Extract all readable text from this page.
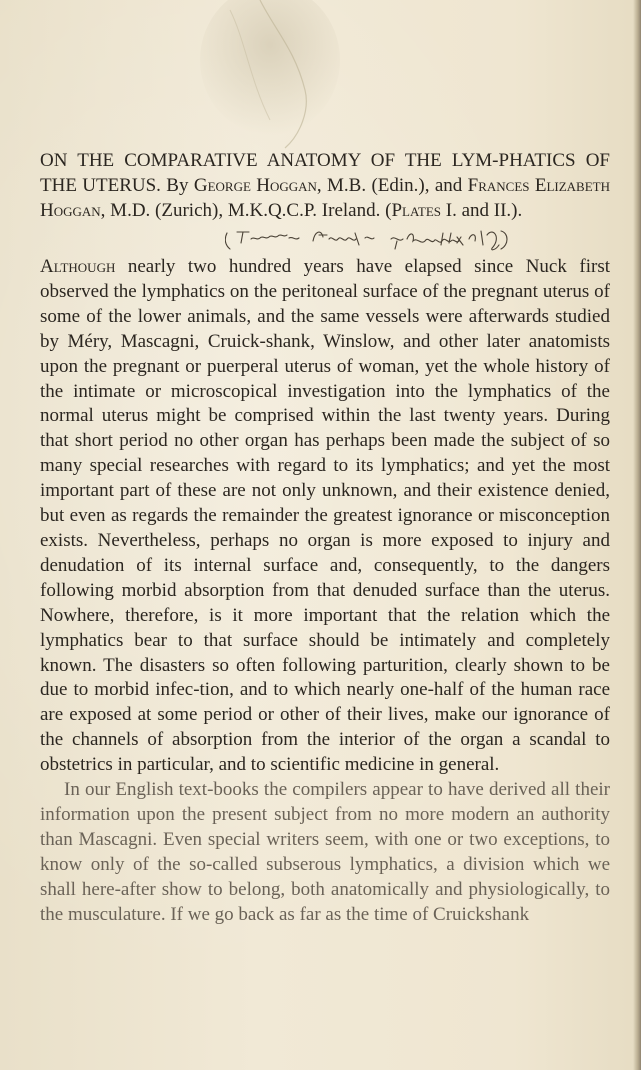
ON THE COMPARATIVE ANATOMY OF THE LYM-PHATICS OF THE UTERUS. By George Hoggan, M.B. (Edin.), and Frances Elizabeth Hoggan, M.D. (Zurich), M.K.Q.C.P. Ireland. (Plates I. and II.).

Although nearly two hundred years have elapsed since Nuck first observed the lymphatics on the peritoneal surface of the pregnant uterus of some of the lower animals, and the same vessels were afterwards studied by Méry, Mascagni, Cruick-shank, Winslow, and other later anatomists upon the pregnant or puerperal uterus of woman, yet the whole history of the intimate or microscopical investigation into the lymphatics of the normal uterus might be comprised within the last twenty years. During that short period no other organ has perhaps been made the subject of so many special researches with regard to its lymphatics; and yet the most important part of these are not only unknown, and their existence denied, but even as regards the remainder the greatest ignorance or misconception exists. Nevertheless, perhaps no organ is more exposed to injury and denudation of its internal surface and, consequently, to the dangers following morbid absorption from that denuded surface than the uterus. Nowhere, therefore, is it more important that the relation which the lymphatics bear to that surface should be intimately and completely known. The disasters so often following parturition, clearly shown to be due to morbid infec-tion, and to which nearly one-half of the human race are exposed at some period or other of their lives, make our ignorance of the channels of absorption from the interior of the organ a scandal to obstetrics in particular, and to scientific medicine in general.

In our English text-books the compilers appear to have derived all their information upon the present subject from no more modern an authority than Mascagni. Even special writers seem, with one or two exceptions, to know only of the so-called subserous lymphatics, a division which we shall here-after show to belong, both anatomically and physiologically, to the musculature. If we go back as far as the time of Cruickshank
